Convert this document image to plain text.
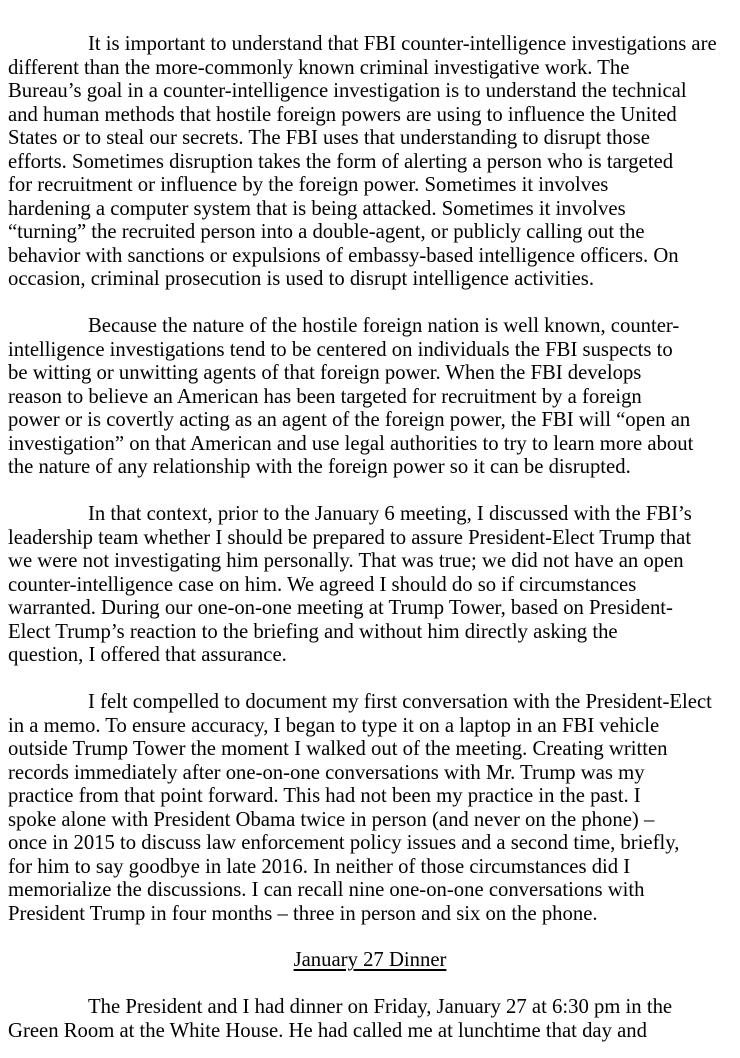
It is important to understand that FBI counter-intelligence investigations are
different than the more-commonly known criminal investigative work. The
Bureau’s goal in a counter-intelligence investigation is to understand the technical
and human methods that hostile foreign powers are using to influence the United
States or to steal our secrets. The FBI uses that understanding to disrupt those
efforts. Sometimes disruption takes the form of alerting a person who is targeted
for recruitment or influence by the foreign power. Sometimes it involves
hardening a computer system that is being attacked. Sometimes it involves
“turning” the recruited person into a double-agent, or publicly calling out the
behavior with sanctions or expulsions of embassy-based intelligence officers. On
occasion, criminal prosecution is used to disrupt intelligence activities.

Because the nature of the hostile foreign nation is well known, counter-
intelligence investigations tend to be centered on individuals the FBI suspects to
be witting or unwitting agents of that foreign power. When the FBI develops
reason to believe an American has been targeted for recruitment by a foreign
power or is covertly acting as an agent of the foreign power, the FBI will “open an
investigation” on that American and use legal authorities to try to learn more about
the nature of any relationship with the foreign power so it can be disrupted.

In that context, prior to the January 6 meeting, I discussed with the FBI’s
leadership team whether I should be prepared to assure President-Elect Trump that
we were not investigating him personally. That was true; we did not have an open
counter-intelligence case on him. We agreed I should do so if circumstances
warranted. During our one-on-one meeting at Trump Tower, based on President-
Elect Trump’s reaction to the briefing and without him directly asking the
question, I offered that assurance.

I felt compelled to document my first conversation with the President-Elect
in a memo. To ensure accuracy, I began to type it on a laptop in an FBI vehicle
outside Trump Tower the moment I walked out of the meeting. Creating written
records immediately after one-on-one conversations with Mr. Trump was my
practice from that point forward. This had not been my practice in the past. I
spoke alone with President Obama twice in person (and never on the phone) –
once in 2015 to discuss law enforcement policy issues and a second time, briefly,
for him to say goodbye in late 2016. In neither of those circumstances did I
memorialize the discussions. I can recall nine one-on-one conversations with
President Trump in four months – three in person and six on the phone.

January 27 Dinner

The President and I had dinner on Friday, January 27 at 6:30 pm in the
Green Room at the White House. He had called me at lunchtime that day and
